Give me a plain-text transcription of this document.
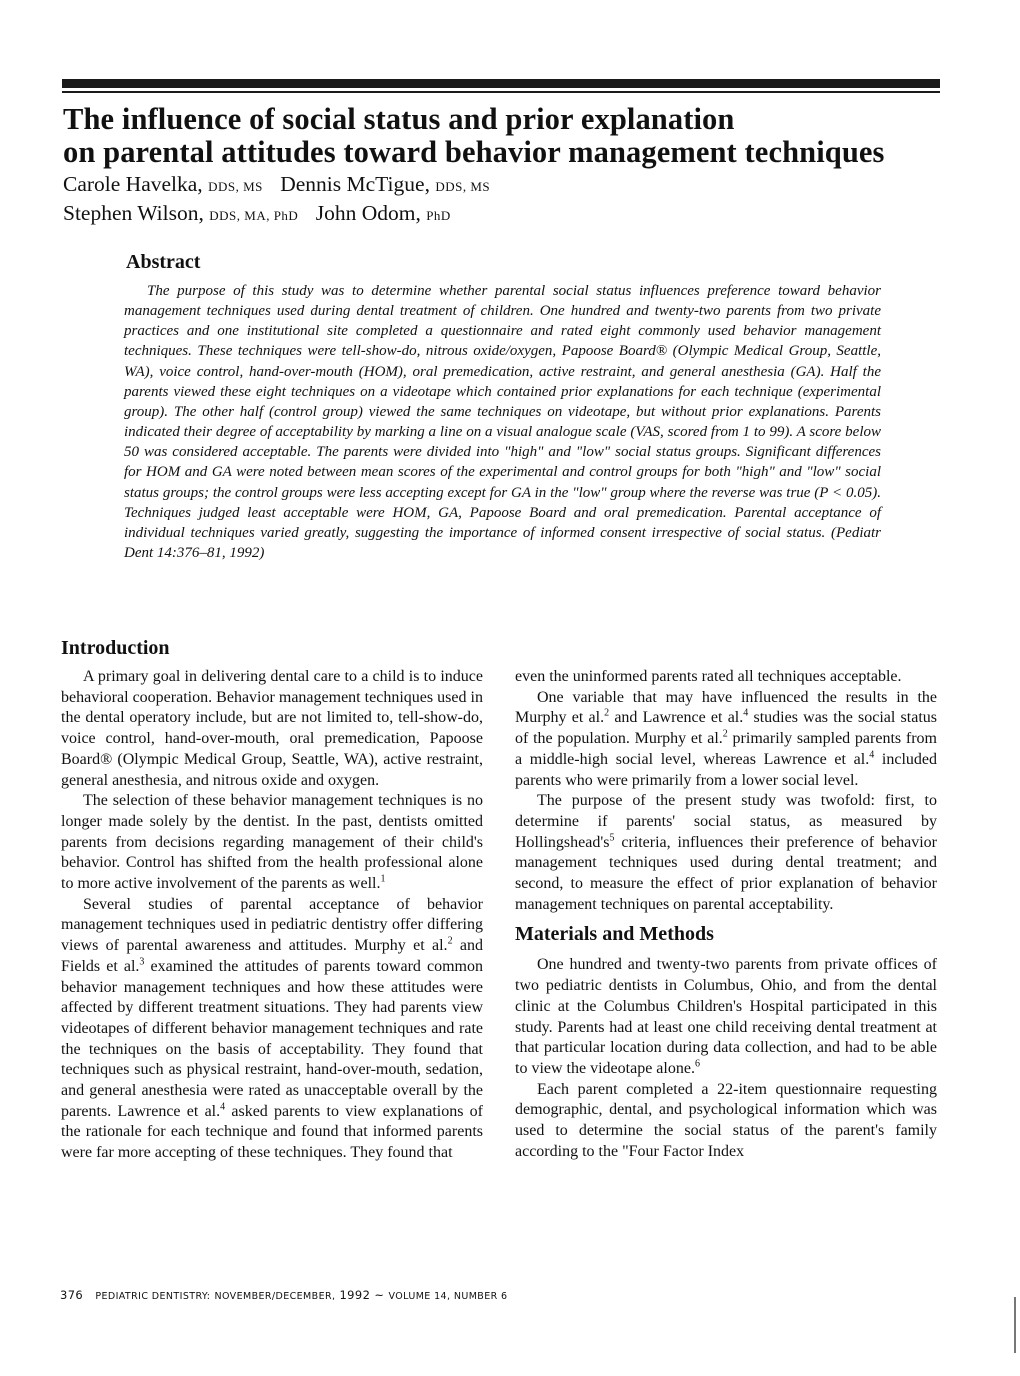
The influence of social status and prior explanation
on parental attitudes toward behavior management techniques
Carole Havelka, DDS, MS Dennis McTigue, DDS, MS
Stephen Wilson, DDS, MA, PhD John Odom, PhD
Abstract

The purpose of this study was to determine whether parental social status influences preference toward behavior management techniques used during dental treatment of children. One hundred and twenty-two parents from two private practices and one institutional site completed a questionnaire and rated eight commonly used behavior management techniques. These techniques were tell-show-do, nitrous oxide/oxygen, Papoose Board® (Olympic Medical Group, Seattle, WA), voice control, hand-over-mouth (HOM), oral premedication, active restraint, and general anesthesia (GA). Half the parents viewed these eight techniques on a videotape which contained prior explanations for each technique (experimental group). The other half (control group) viewed the same techniques on videotape, but without prior explanations. Parents indicated their degree of acceptability by marking a line on a visual analogue scale (VAS, scored from 1 to 99). A score below 50 was considered acceptable. The parents were divided into "high" and "low" social status groups. Significant differences for HOM and GA were noted between mean scores of the experimental and control groups for both "high" and "low" social status groups; the control groups were less accepting except for GA in the "low" group where the reverse was true (P < 0.05). Techniques judged least acceptable were HOM, GA, Papoose Board and oral premedication. Parental acceptance of individual techniques varied greatly, suggesting the importance of informed consent irrespective of social status. (Pediatr Dent 14:376–81, 1992)

Introduction

A primary goal in delivering dental care to a child is to induce behavioral cooperation. Behavior management techniques used in the dental operatory include, but are not limited to, tell-show-do, voice control, hand-over-mouth, oral premedication, Papoose Board® (Olympic Medical Group, Seattle, WA), active restraint, general anesthesia, and nitrous oxide and oxygen.

The selection of these behavior management techniques is no longer made solely by the dentist. In the past, dentists omitted parents from decisions regarding management of their child's behavior. Control has shifted from the health professional alone to more active involvement of the parents as well.$^1$

Several studies of parental acceptance of behavior management techniques used in pediatric dentistry offer differing views of parental awareness and attitudes. Murphy et al.$^2$ and Fields et al.$^3$ examined the attitudes of parents toward common behavior management techniques and how these attitudes were affected by different treatment situations. They had parents view videotapes of different behavior management techniques and rate the techniques on the basis of acceptability. They found that techniques such as physical restraint, hand-over-mouth, sedation, and general anesthesia were rated as unacceptable overall by the parents. Lawrence et al.$^4$ asked parents to view explanations of the rationale for each technique and found that informed parents were far more accepting of these techniques. They found that

even the uninformed parents rated all techniques acceptable.

One variable that may have influenced the results in the Murphy et al.$^2$ and Lawrence et al.$^4$ studies was the social status of the population. Murphy et al.$^2$ primarily sampled parents from a middle-high social level, whereas Lawrence et al.$^4$ included parents who were primarily from a lower social level.

The purpose of the present study was twofold: first, to determine if parents' social status, as measured by $Hollingshead's^5$ criteria, influences their preference of behavior management techniques used during dental treatment; and second, to measure the effect of prior explanation of behavior management techniques on parental acceptability.

Materials and Methods

One hundred and twenty-two parents from private offices of two pediatric dentists in Columbus, Ohio, and from the dental clinic at the Columbus Children's Hospital participated in this study. Parents had at least one child receiving dental treatment at that particular location during data collection, and had to be able to view the videotape alone.$^6$

Each parent completed a 22-item questionnaire requesting demographic, dental, and psychological information which was used to determine the social status of the parent's family according to the "Four Factor Index

376 PEDIATRIC DENTISTRY: NOVEMBER/DECEMBER, 1992 ~ VOLUME 14, NUMBER 6
